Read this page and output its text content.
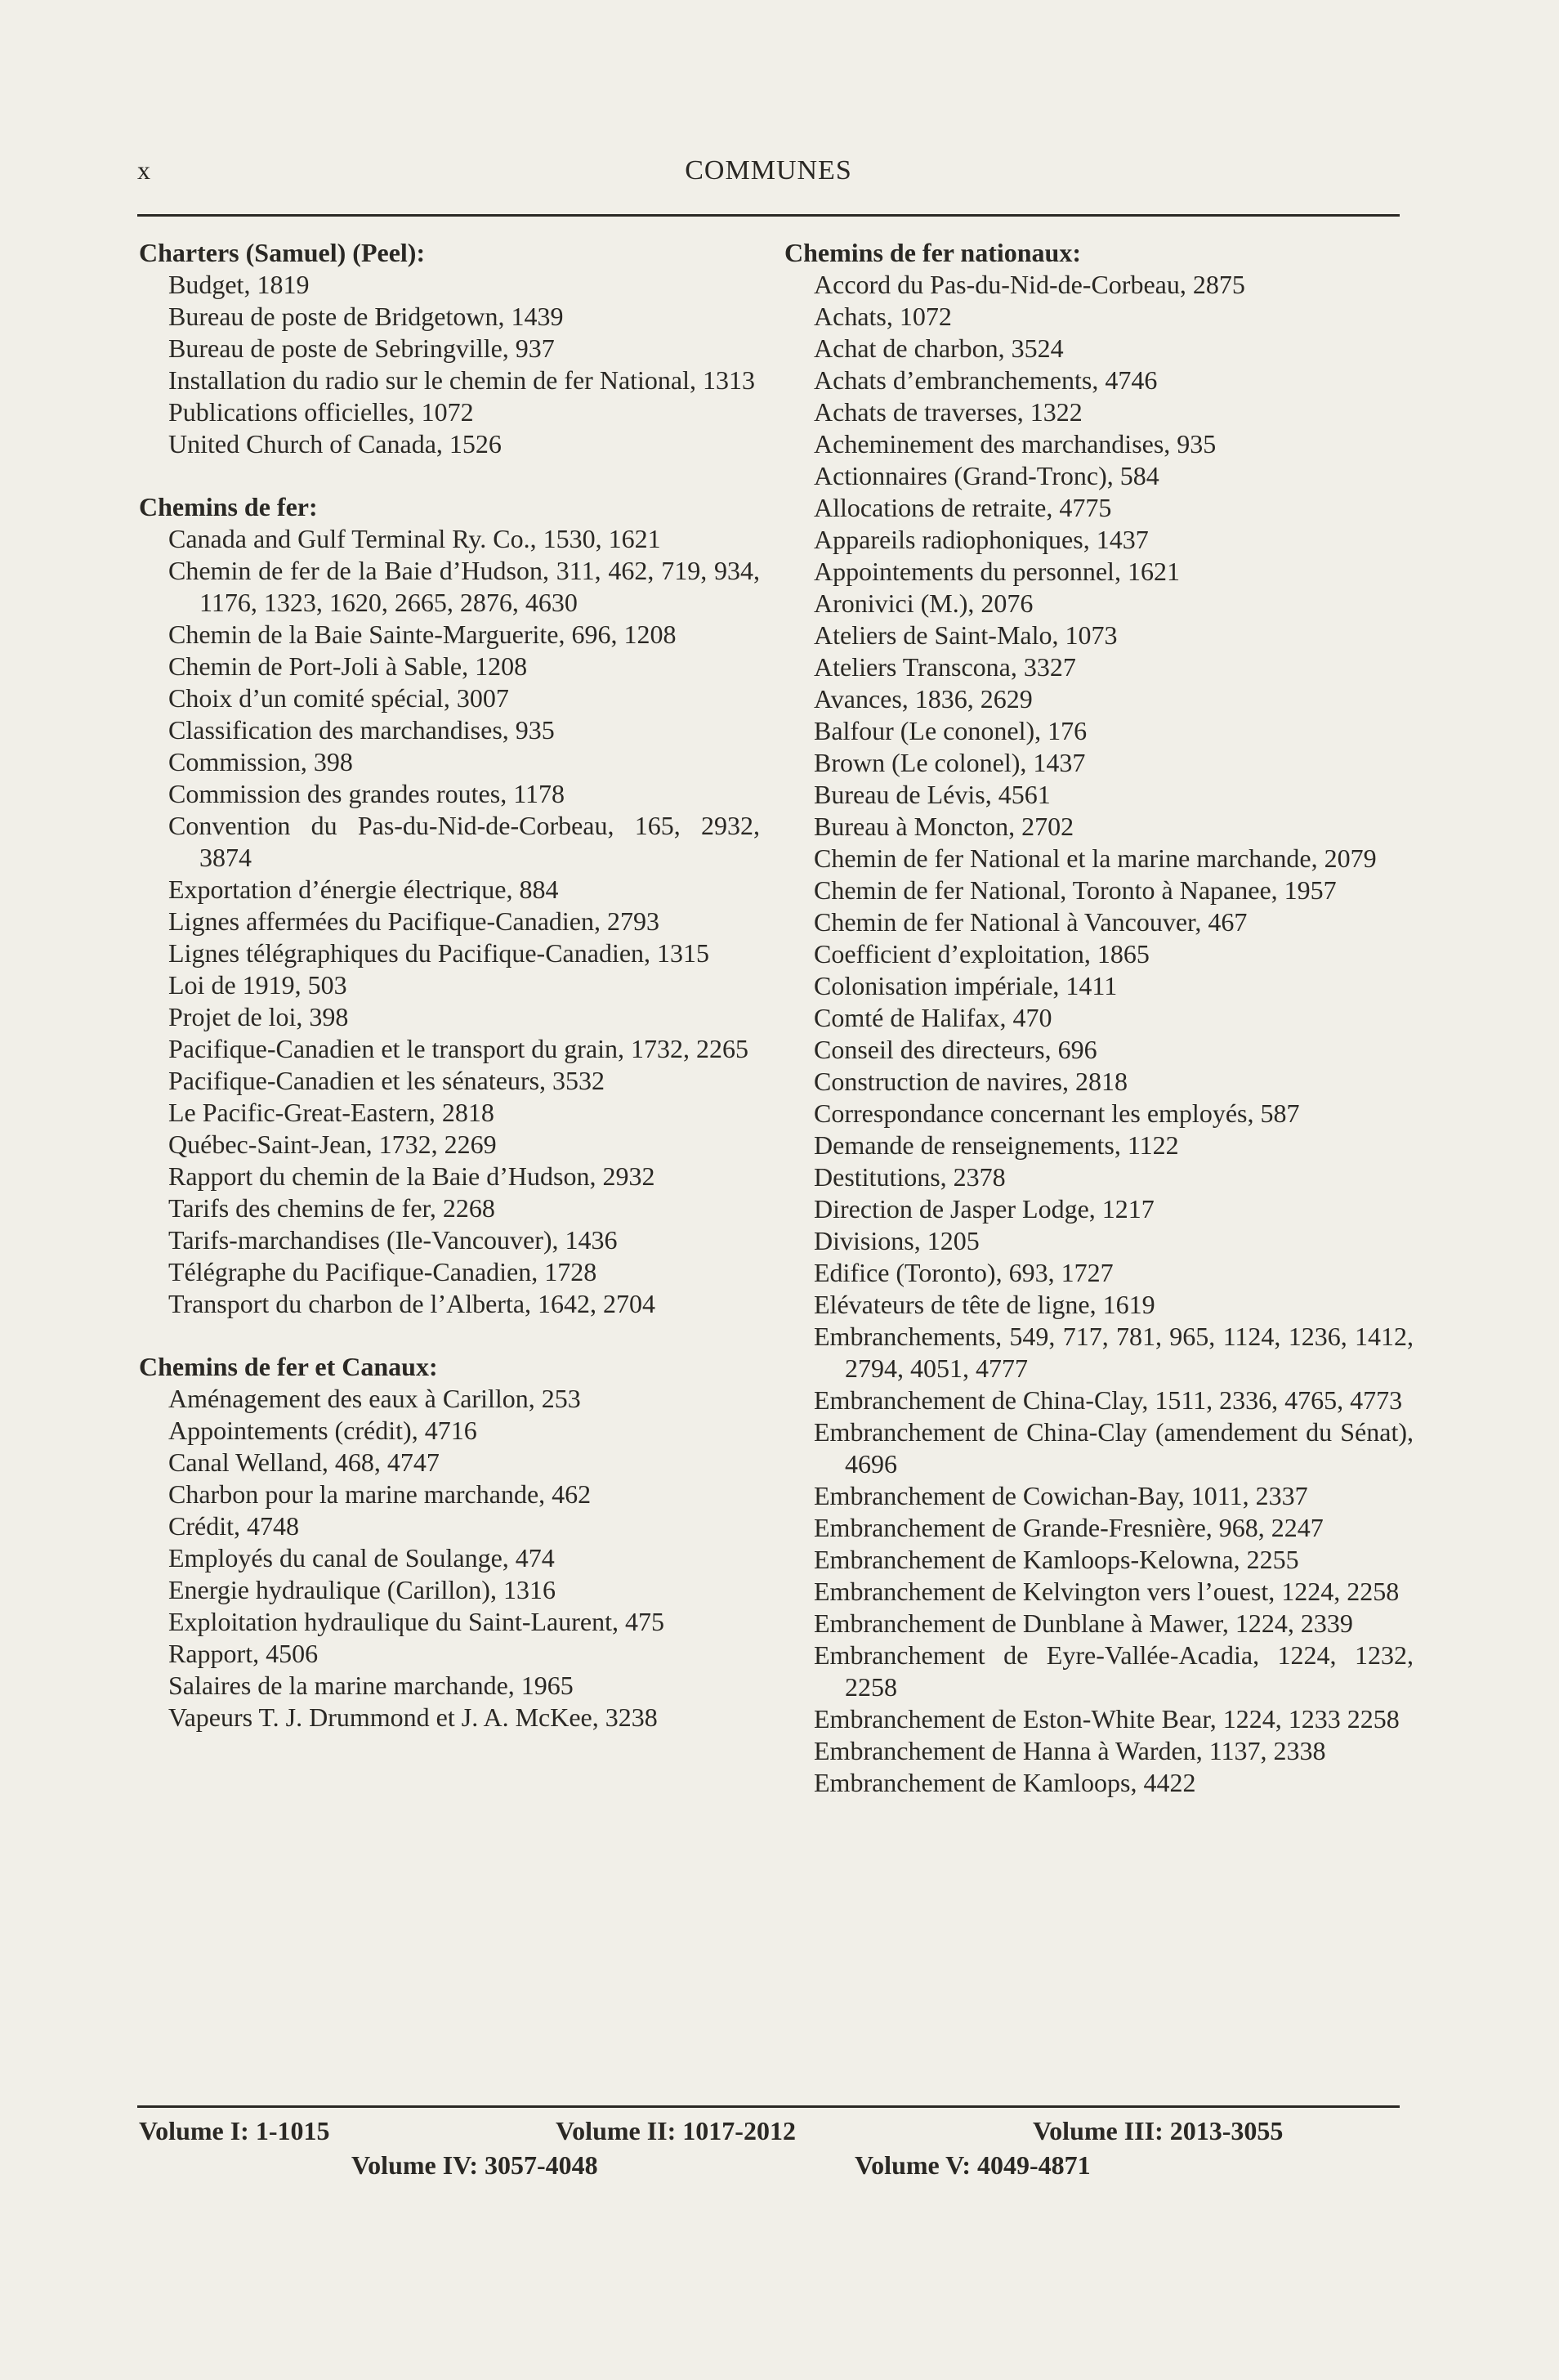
x	COMMUNES
Charters (Samuel) (Peel):
Budget, 1819
Bureau de poste de Bridgetown, 1439
Bureau de poste de Sebringville, 937
Installation du radio sur le chemin de fer National, 1313
Publications officielles, 1072
United Church of Canada, 1526
Chemins de fer:
Canada and Gulf Terminal Ry. Co., 1530, 1621
Chemin de fer de la Baie d’Hudson, 311, 462, 719, 934, 1176, 1323, 1620, 2665, 2876, 4630
Chemin de la Baie Sainte-Marguerite, 696, 1208
Chemin de Port-Joli à Sable, 1208
Choix d’un comité spécial, 3007
Classification des marchandises, 935
Commission, 398
Commission des grandes routes, 1178
Convention du Pas-du-Nid-de-Corbeau, 165, 2932, 3874
Exportation d’énergie électrique, 884
Lignes affermées du Pacifique-Canadien, 2793
Lignes télégraphiques du Pacifique-Canadien, 1315
Loi de 1919, 503
Projet de loi, 398
Pacifique-Canadien et le transport du grain, 1732, 2265
Pacifique-Canadien et les sénateurs, 3532
Le Pacific-Great-Eastern, 2818
Québec-Saint-Jean, 1732, 2269
Rapport du chemin de la Baie d’Hudson, 2932
Tarifs des chemins de fer, 2268
Tarifs-marchandises (Ile-Vancouver), 1436
Télégraphe du Pacifique-Canadien, 1728
Transport du charbon de l’Alberta, 1642, 2704
Chemins de fer et Canaux:
Aménagement des eaux à Carillon, 253
Appointements (crédit), 4716
Canal Welland, 468, 4747
Charbon pour la marine marchande, 462
Crédit, 4748
Employés du canal de Soulange, 474
Energie hydraulique (Carillon), 1316
Exploitation hydraulique du Saint-Laurent, 475
Rapport, 4506
Salaires de la marine marchande, 1965
Vapeurs T. J. Drummond et J. A. McKee, 3238
Chemins de fer nationaux:
Accord du Pas-du-Nid-de-Corbeau, 2875
Achats, 1072
Achat de charbon, 3524
Achats d’embranchements, 4746
Achats de traverses, 1322
Acheminement des marchandises, 935
Actionnaires (Grand-Tronc), 584
Allocations de retraite, 4775
Appareils radiophoniques, 1437
Appointements du personnel, 1621
Aronivici (M.), 2076
Ateliers de Saint-Malo, 1073
Ateliers Transcona, 3327
Avances, 1836, 2629
Balfour (Le cononel), 176
Brown (Le colonel), 1437
Bureau de Lévis, 4561
Bureau à Moncton, 2702
Chemin de fer National et la marine marchande, 2079
Chemin de fer National, Toronto à Napanee, 1957
Chemin de fer National à Vancouver, 467
Coefficient d’exploitation, 1865
Colonisation impériale, 1411
Comté de Halifax, 470
Conseil des directeurs, 696
Construction de navires, 2818
Correspondance concernant les employés, 587
Demande de renseignements, 1122
Destitutions, 2378
Direction de Jasper Lodge, 1217
Divisions, 1205
Edifice (Toronto), 693, 1727
Elévateurs de tête de ligne, 1619
Embranchements, 549, 717, 781, 965, 1124, 1236, 1412, 2794, 4051, 4777
Embranchement de China-Clay, 1511, 2336, 4765, 4773
Embranchement de China-Clay (amendement du Sénat), 4696
Embranchement de Cowichan-Bay, 1011, 2337
Embranchement de Grande-Fresnière, 968, 2247
Embranchement de Kamloops-Kelowna, 2255
Embranchement de Kelvington vers l’ouest, 1224, 2258
Embranchement de Dunblane à Mawer, 1224, 2339
Embranchement de Eyre-Vallée-Acadia, 1224, 1232, 2258
Embranchement de Eston-White Bear, 1224, 1233 2258
Embranchement de Hanna à Warden, 1137, 2338
Embranchement de Kamloops, 4422
Volume I: 1-1015	Volume II: 1017-2012	Volume III: 2013-3055
Volume IV: 3057-4048	Volume V: 4049-4871
